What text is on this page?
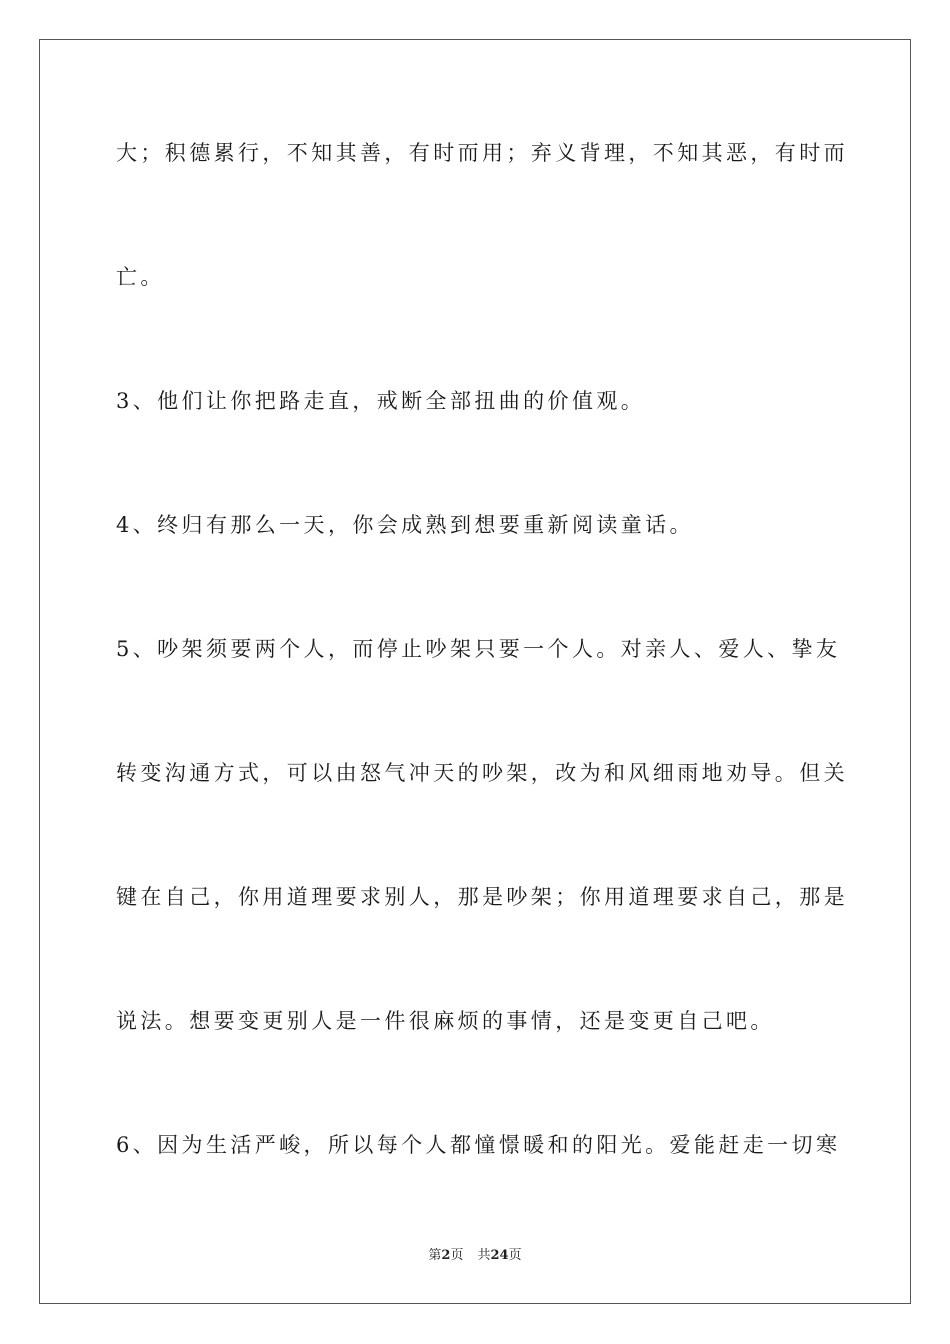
大；积德累行，不知其善，有时而用；弃义背理，不知其恶，有时而
亡。
3、他们让你把路走直，戒断全部扭曲的价值观。
4、终归有那么一天，你会成熟到想要重新阅读童话。
5、吵架须要两个人，而停止吵架只要一个人。对亲人、爱人、挚友
转变沟通方式，可以由怒气冲天的吵架，改为和风细雨地劝导。但关
键在自己，你用道理要求别人，那是吵架；你用道理要求自己，那是
说法。想要变更别人是一件很麻烦的事情，还是变更自己吧。
6、因为生活严峻，所以每个人都憧憬暖和的阳光。爱能赶走一切寒
第2页 共24页
